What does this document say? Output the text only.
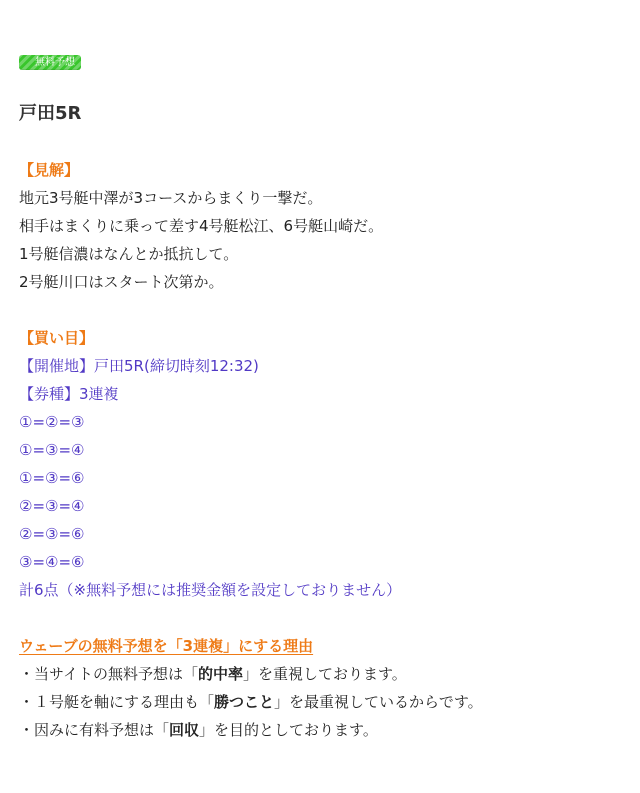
無料予想
戸田5R
【見解】
地元3号艇中澤が3コースからまくり一撃だ。
相手はまくりに乗って差す4号艇松江、6号艇山崎だ。
1号艇信濃はなんとか抵抗して。
2号艇川口はスタート次第か。
【買い目】
【開催地】戸田5R(締切時刻12:32)
【券種】3連複
①=②=③
①=③=④
①=③=⑥
②=③=④
②=③=⑥
③=④=⑥
計6点（※無料予想には推奨金額を設定しておりません）
ウェーブの無料予想を「3連複」にする理由
・当サイトの無料予想は「的中率」を重視しております。
・１号艇を軸にする理由も「勝つこと」を最重視しているからです。
・因みに有料予想は「回収」を目的としております。
